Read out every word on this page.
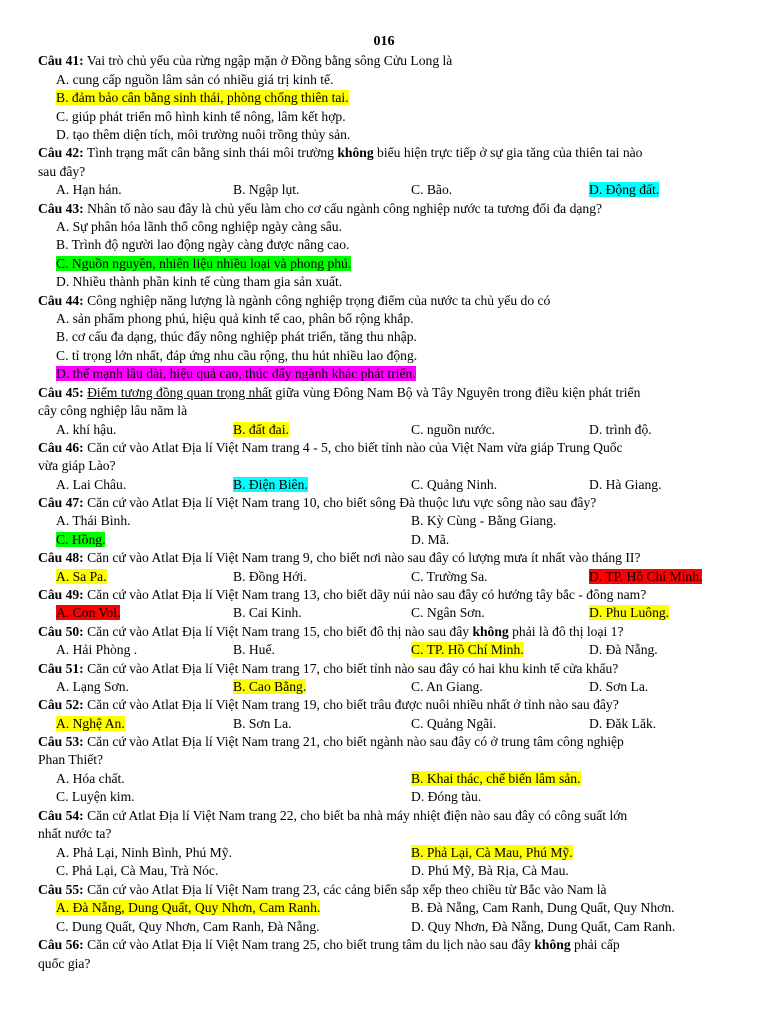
016
Câu 41: Vai trò chủ yếu của rừng ngập mặn ở Đồng bằng sông Cửu Long là
A. cung cấp nguồn lâm sản có nhiều giá trị kinh tế.
B. đảm bảo cân bằng sinh thái, phòng chống thiên tai.
C. giúp phát triển mô hình kinh tế nông, lâm kết hợp.
D. tạo thêm diện tích, môi trường nuôi trồng thủy sản.
Câu 42: Tình trạng mất cân bằng sinh thái môi trường không biểu hiện trực tiếp ở sự gia tăng của thiên tai nào
sau đây?
A. Hạn hán.	B. Ngập lụt.	C. Bão.	D. Động đất.
Câu 43: Nhân tố nào sau đây là chủ yếu làm cho cơ cấu ngành công nghiệp nước ta tương đối đa dạng?
A. Sự phân hóa lãnh thổ công nghiệp ngày càng sâu.
B. Trình độ người lao động ngày càng được nâng cao.
C. Nguồn nguyên, nhiên liệu nhiều loại và phong phú.
D. Nhiều thành phần kinh tế cùng tham gia sản xuất.
Câu 44: Công nghiệp năng lượng là ngành công nghiệp trọng điểm của nước ta chủ yếu do có
A. sản phẩm phong phú, hiệu quả kinh tế cao, phân bố rộng khắp.
B. cơ cấu đa dạng, thúc đẩy nông nghiệp phát triển, tăng thu nhập.
C. tỉ trọng lớn nhất, đáp ứng nhu cầu rộng, thu hút nhiều lao động.
D. thế mạnh lâu dài, hiệu quả cao, thúc đẩy ngành khác phát triển.
Câu 45: Điểm tương đồng quan trọng nhất giữa vùng Đông Nam Bộ và Tây Nguyên trong điều kiện phát triển
cây công nghiệp lâu năm là
A. khí hậu.	B. đất đai.	C. nguồn nước.	D. trình độ.
Câu 46: Căn cứ vào Atlat Địa lí Việt Nam trang 4 - 5, cho biết tỉnh nào của Việt Nam vừa giáp Trung Quốc
vừa giáp Lào?
A. Lai Châu.	B. Điện Biên.	C. Quảng Ninh.	D. Hà Giang.
Câu 47: Căn cứ vào Atlat Địa lí Việt Nam trang 10, cho biết sông Đà thuộc lưu vực sông nào sau đây?
A. Thái Bình.	B. Kỳ Cùng - Bằng Giang.
C. Hồng.	D. Mã.
Câu 48: Căn cứ vào Atlat Địa lí Việt Nam trang 9, cho biết nơi nào sau đây có lượng mưa ít nhất vào tháng II?
A. Sa Pa.	B. Đồng Hới.	C. Trường Sa.	D. TP. Hồ Chí Minh.
Câu 49: Căn cứ vào Atlat Địa lí Việt Nam trang 13, cho biết dãy núi nào sau đây có hướng tây bắc - đông nam?
A. Con Voi.	B. Cai Kinh.	C. Ngân Sơn.	D. Phu Luông.
Câu 50: Căn cứ vào Atlat Địa lí Việt Nam trang 15, cho biết đô thị nào sau đây không phải là đô thị loại 1?
A. Hải Phòng .	B. Huế.	C. TP. Hồ Chí Minh.	D. Đà Nẵng.
Câu 51: Căn cứ vào Atlat Địa lí Việt Nam trang 17, cho biết tỉnh nào sau đây có hai khu kinh tế cửa khẩu?
A. Lạng Sơn.	B. Cao Bằng.	C. An Giang.	D. Sơn La.
Câu 52: Căn cứ vào Atlat Địa lí Việt Nam trang 19, cho biết trâu được nuôi nhiều nhất ở tỉnh nào sau đây?
A. Nghệ An.	B. Sơn La.	C. Quảng Ngãi.	D. Đăk Lăk.
Câu 53: Căn cứ vào Atlat Địa lí Việt Nam trang 21, cho biết ngành nào sau đây có ở trung tâm công nghiệp
Phan Thiết?
A. Hóa chất.	B. Khai thác, chế biến lâm sản.
C. Luyện kim.	D. Đóng tàu.
Câu 54: Căn cứ Atlat Địa lí Việt Nam trang 22, cho biết ba nhà máy nhiệt điện nào sau đây có công suất lớn
nhất nước ta?
A. Phả Lại, Ninh Bình, Phú Mỹ.	B. Phả Lại, Cà Mau, Phú Mỹ.
C. Phả Lại, Cà Mau, Trà Nóc.	D. Phú Mỹ, Bà Rịa, Cà Mau.
Câu 55: Căn cứ vào Atlat Địa lí Việt Nam trang 23, các cảng biển sắp xếp theo chiều từ Bắc vào Nam là
A. Đà Nẵng, Dung Quất, Quy Nhơn, Cam Ranh.	B. Đà Nẵng, Cam Ranh, Dung Quất, Quy Nhơn.
C. Dung Quất, Quy Nhơn, Cam Ranh, Đà Nẵng.	D. Quy Nhơn, Đà Nẵng, Dung Quất, Cam Ranh.
Câu 56: Căn cứ vào Atlat Địa lí Việt Nam trang 25, cho biết trung tâm du lịch nào sau đây không phải cấp
quốc gia?
